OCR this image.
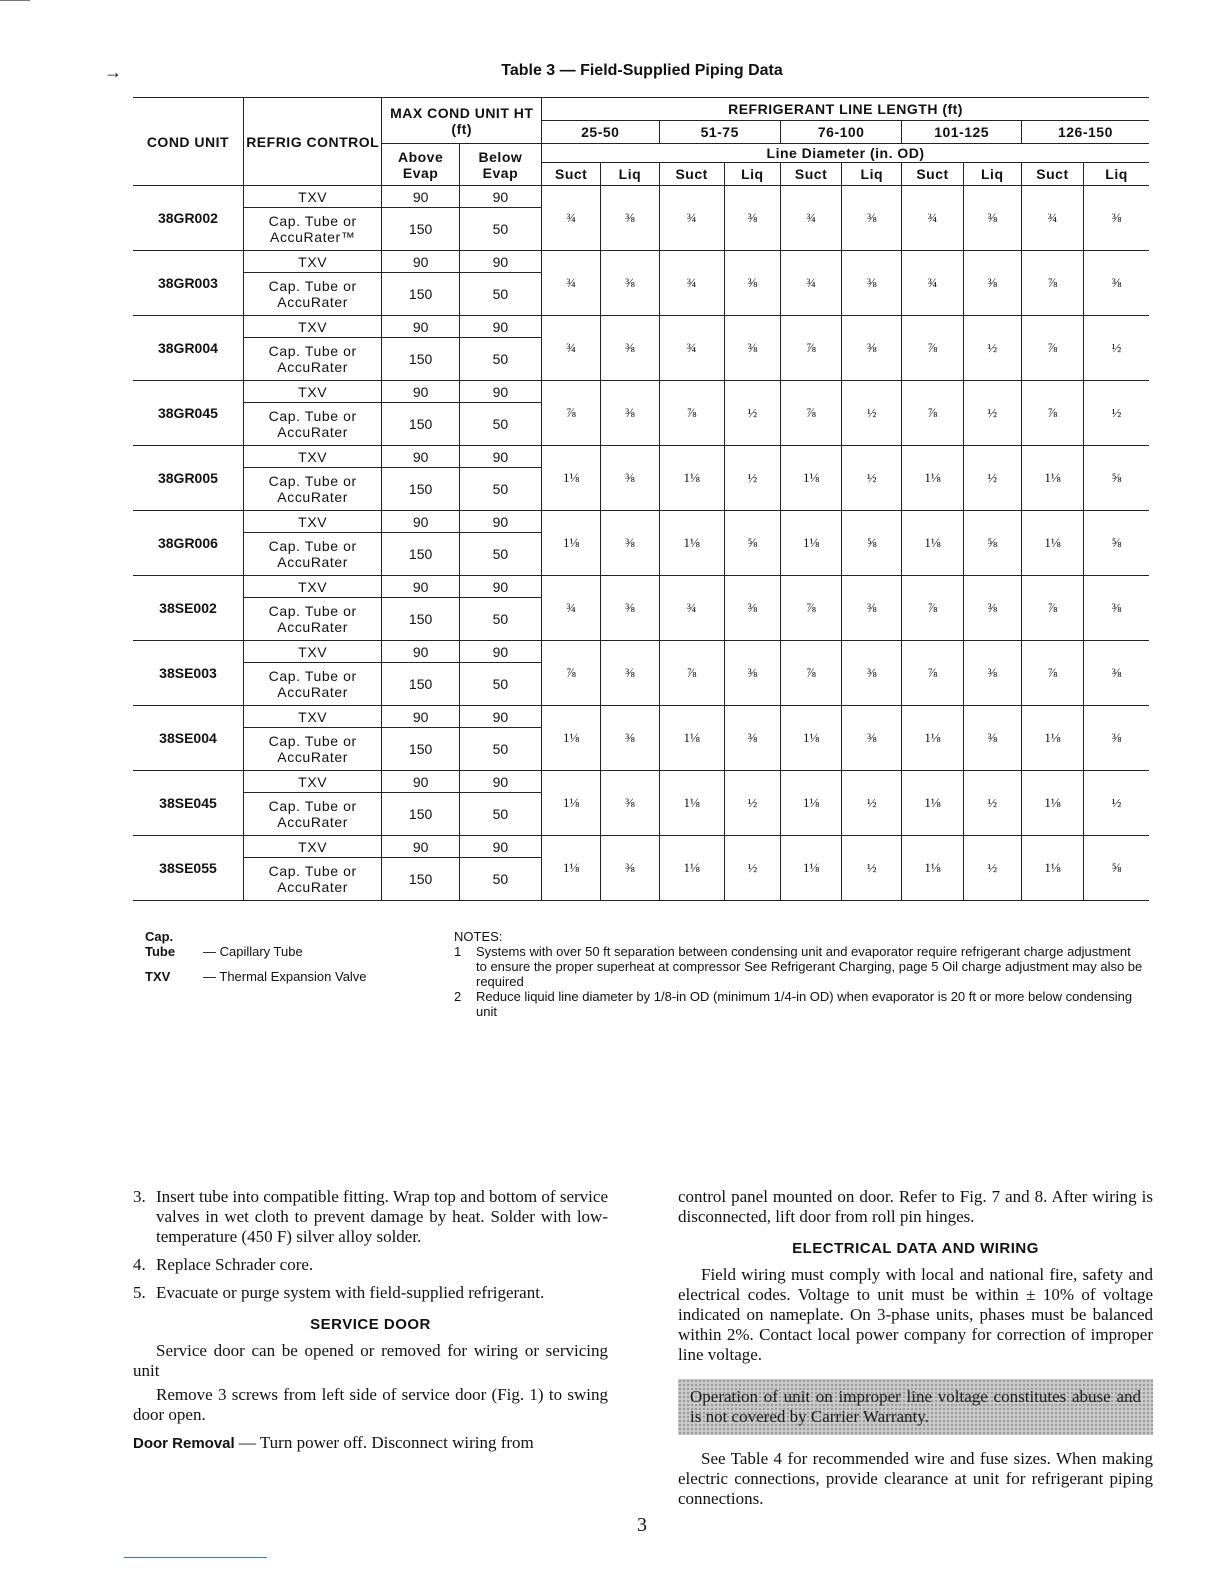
→	Table 3 — Field-Supplied Piping Data
COND UNIT	REFRIG CONTROL	MAX COND UNIT HT (ft)		REFRIGERANT LINE LENGTH (ft)									
				25-50		51-75		76-100		101-125		126-150	
		Above Evap	Below Evap	Line Diameter (in. OD)									
				Suct	Liq	Suct	Liq	Suct	Liq	Suct	Liq	Suct	Liq
38GR002	TXV	90	90	¾	⅜	¾	⅜	¾	⅜	¾	⅜	¾	⅜
	Cap. Tube or AccuRater™	150	50										
38GR003	TXV	90	90	¾	⅜	¾	⅜	¾	⅜	¾	⅜	⅞	⅜
	Cap. Tube or AccuRater	150	50										
38GR004	TXV	90	90	¾	⅜	¾	⅜	⅞	⅜	⅞	½	⅞	½
	Cap. Tube or AccuRater	150	50										
38GR045	TXV	90	90	⅞	⅜	⅞	½	⅞	½	⅞	½	⅞	½
	Cap. Tube or AccuRater	150	50										
38GR005	TXV	90	90	1⅛	⅜	1⅛	½	1⅛	½	1⅛	½	1⅛	⅝
	Cap. Tube or AccuRater	150	50										
38GR006	TXV	90	90	1⅛	⅜	1⅛	⅝	1⅛	⅝	1⅛	⅝	1⅛	⅝
	Cap. Tube or AccuRater	150	50										
38SE002	TXV	90	90	¾	⅜	¾	⅜	⅞	⅜	⅞	⅜	⅞	⅜
	Cap. Tube or AccuRater	150	50										
38SE003	TXV	90	90	⅞	⅜	⅞	⅜	⅞	⅜	⅞	⅜	⅞	⅜
	Cap. Tube or AccuRater	150	50										
38SE004	TXV	90	90	1⅛	⅜	1⅛	⅜	1⅛	⅜	1⅛	⅜	1⅛	⅜
	Cap. Tube or AccuRater	150	50										
38SE045	TXV	90	90	1⅛	⅜	1⅛	½	1⅛	½	1⅛	½	1⅛	½
	Cap. Tube or AccuRater	150	50										
38SE055	TXV	90	90	1⅛	⅜	1⅛	½	1⅛	½	1⅛	½	1⅛	⅝
	Cap. Tube or AccuRater	150	50										
Cap. Tube — Capillary Tube
TXV	— Thermal Expansion Valve
NOTES:
1	Systems with over 50 ft separation between condensing unit and evaporator require refrigerant charge adjustment to ensure the proper superheat at compressor See Refrigerant Charging, page 5 Oil charge adjustment may also be required
2	Reduce liquid line diameter by 1/8-in OD (minimum 1/4-in OD) when evaporator is 20 ft or more below condensing unit
3. Insert tube into compatible fitting. Wrap top and bottom of service valves in wet cloth to prevent damage by heat. Solder with low-temperature (450 F) silver alloy solder.
4. Replace Schrader core.
5. Evacuate or purge system with field-supplied refrigerant.
SERVICE DOOR

Service door can be opened or removed for wiring or servicing unit

Remove 3 screws from left side of service door (Fig. 1) to swing door open.

Door Removal — Turn power off. Disconnect wiring from

control panel mounted on door. Refer to Fig. 7 and 8. After wiring is disconnected, lift door from roll pin hinges.

ELECTRICAL DATA AND WIRING

Field wiring must comply with local and national fire, safety and electrical codes. Voltage to unit must be within ± 10% of voltage indicated on nameplate. On 3-phase units, phases must be balanced within 2%. Contact local power company for correction of improper line voltage.

Operation of unit on improper line voltage constitutes abuse and is not covered by Carrier Warranty.

See Table 4 for recommended wire and fuse sizes. When making electric connections, provide clearance at unit for refrigerant piping connections.

3
